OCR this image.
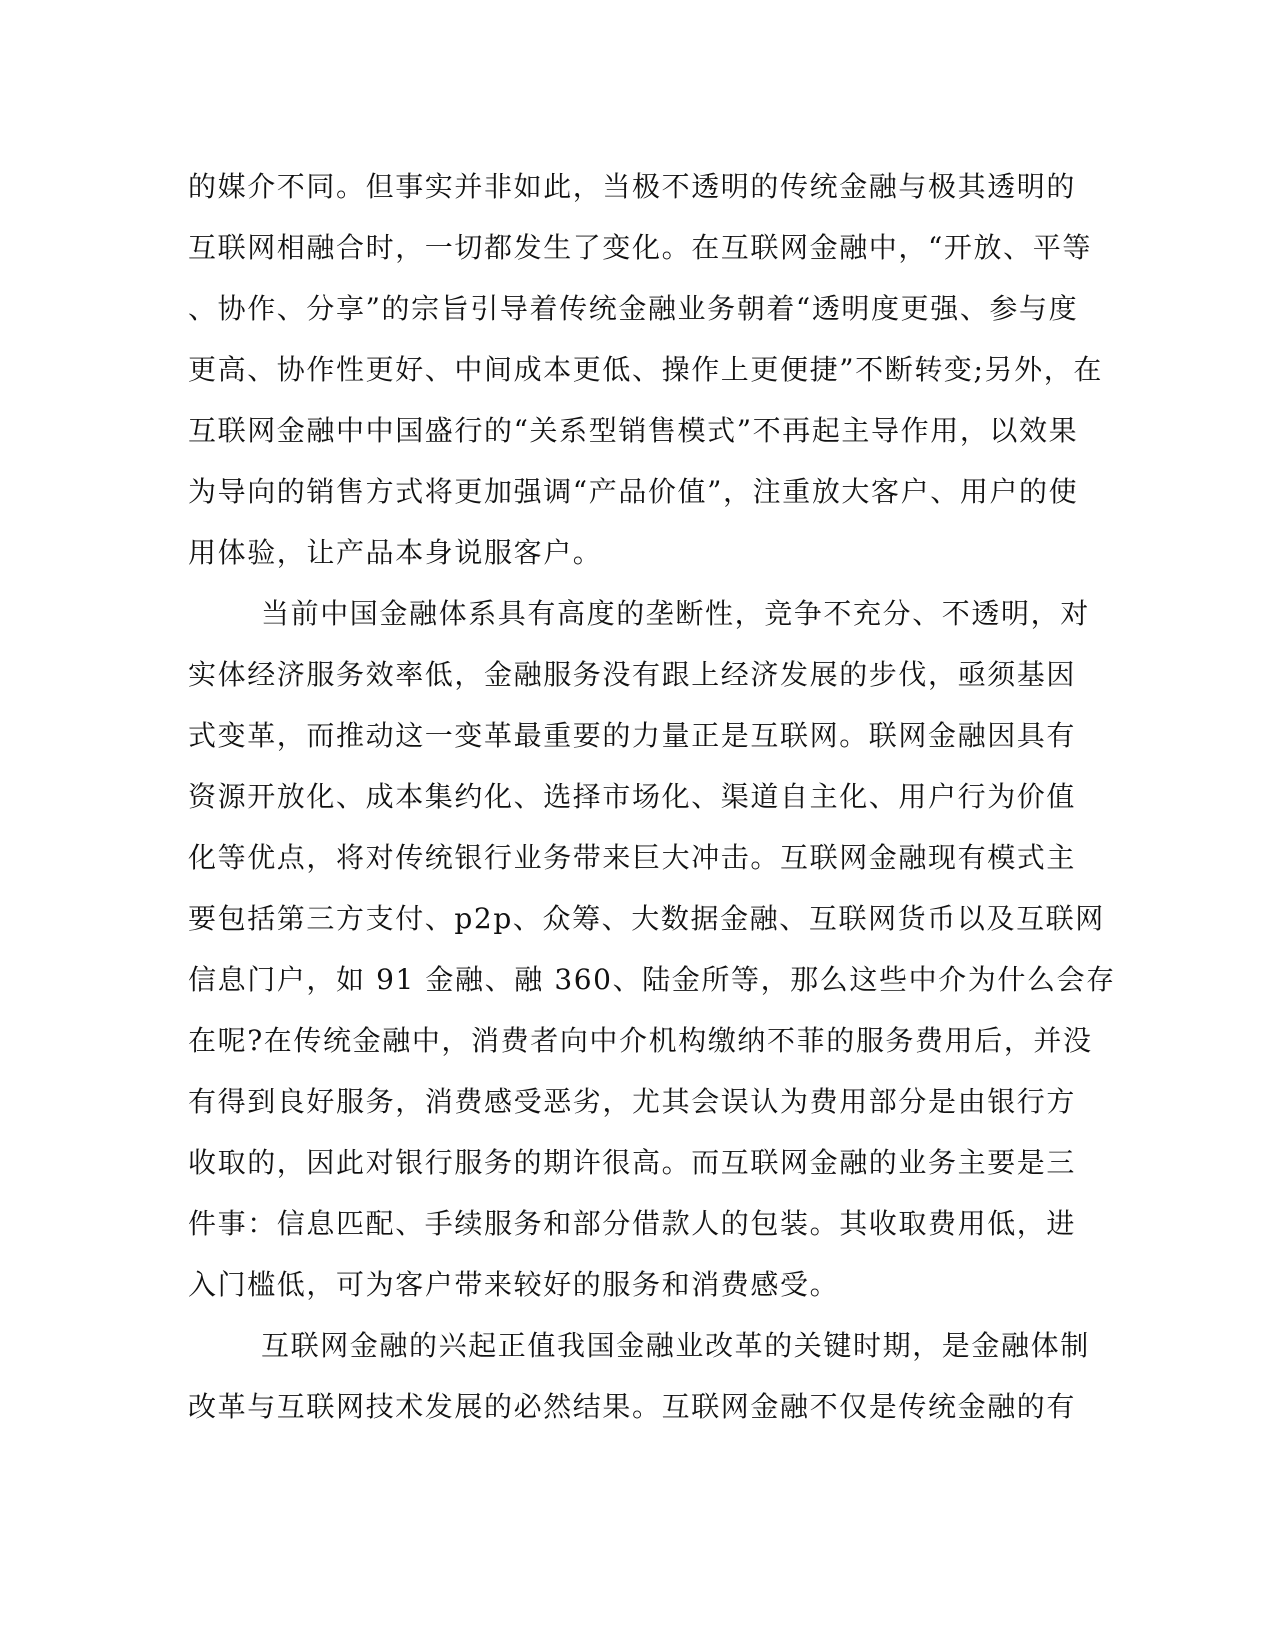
的媒介不同。但事实并非如此，当极不透明的传统金融与极其透明的
互联网相融合时，一切都发生了变化。在互联网金融中，“开放、平等
、协作、分享”的宗旨引导着传统金融业务朝着“透明度更强、参与度
更高、协作性更好、中间成本更低、操作上更便捷”不断转变;另外，在
互联网金融中中国盛行的“关系型销售模式”不再起主导作用，以效果
为导向的销售方式将更加强调“产品价值”，注重放大客户、用户的使
用体验，让产品本身说服客户。
当前中国金融体系具有高度的垄断性，竞争不充分、不透明，对
实体经济服务效率低，金融服务没有跟上经济发展的步伐，亟须基因
式变革，而推动这一变革最重要的力量正是互联网。联网金融因具有
资源开放化、成本集约化、选择市场化、渠道自主化、用户行为价值
化等优点，将对传统银行业务带来巨大冲击。互联网金融现有模式主
要包括第三方支付、p2p、众筹、大数据金融、互联网货币以及互联网
信息门户，如 91 金融、融 360、陆金所等，那么这些中介为什么会存
在呢?在传统金融中，消费者向中介机构缴纳不菲的服务费用后，并没
有得到良好服务，消费感受恶劣，尤其会误认为费用部分是由银行方
收取的，因此对银行服务的期许很高。而互联网金融的业务主要是三
件事：信息匹配、手续服务和部分借款人的包装。其收取费用低，进
入门槛低，可为客户带来较好的服务和消费感受。
互联网金融的兴起正值我国金融业改革的关键时期，是金融体制
改革与互联网技术发展的必然结果。互联网金融不仅是传统金融的有
